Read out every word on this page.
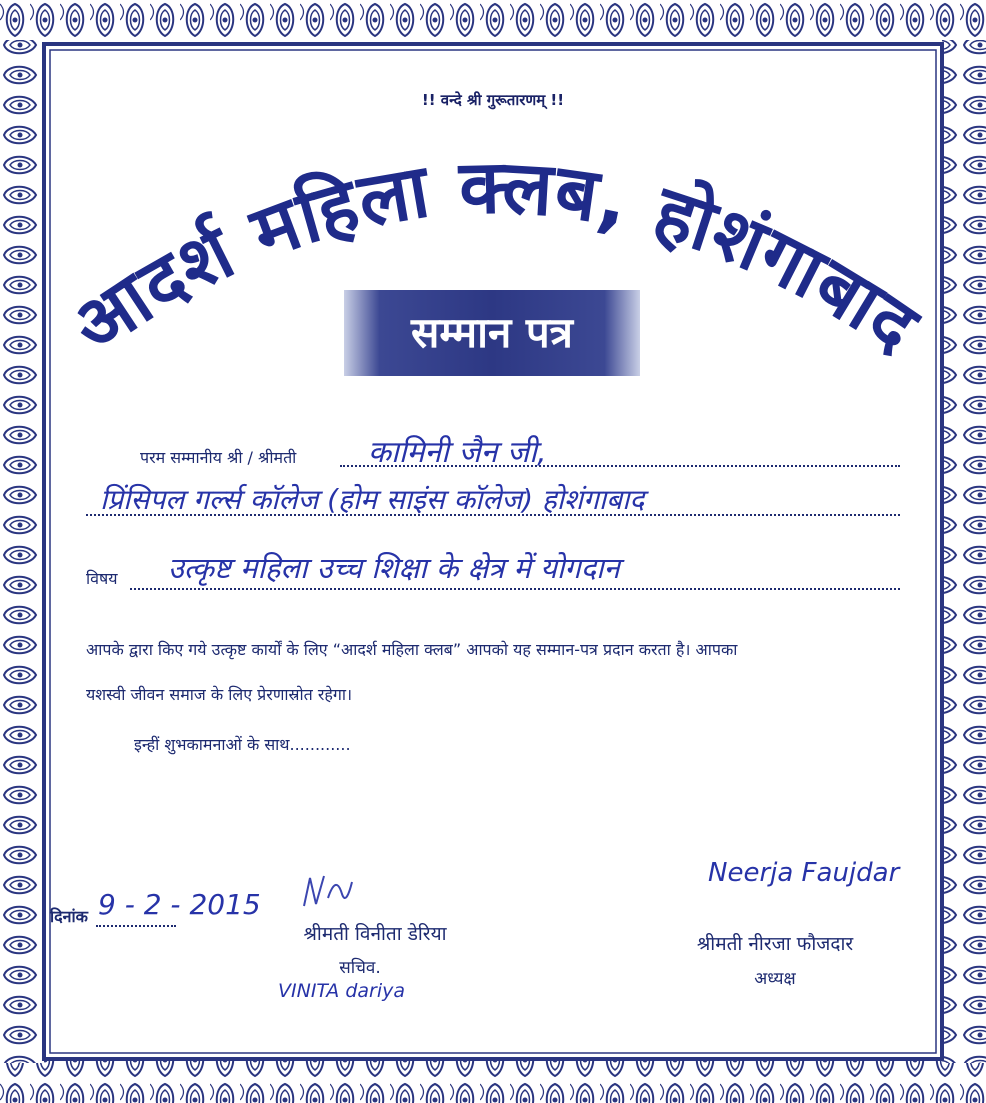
!! वन्दे श्री गुरूतारणम् !!
आदर्श महिला क्लब, होशंगाबाद
सम्मान पत्र
परम सम्मानीय श्री / श्रीमती कामिनी जैन जी,
प्रिंसिपल गर्ल्स कॉलेज (होम साइंस कॉलेज) होशंगाबाद
विषय उत्कृष्ट महिला उच्च शिक्षा के क्षेत्र में योगदान
आपके द्वारा किए गये उत्कृष्ट कार्यों के लिए “आदर्श महिला क्लब” आपको यह सम्मान-पत्र प्रदान करता है। आपका
यशस्वी जीवन समाज के लिए प्रेरणास्रोत रहेगा।
इन्हीं शुभकामनाओं के साथ............
दिनांक 9 - 2 - 2015
श्रीमती विनीता डेरिया
सचिव.
VINITA dariya
Neerja Faujdar
श्रीमती नीरजा फौजदार
अध्यक्ष
